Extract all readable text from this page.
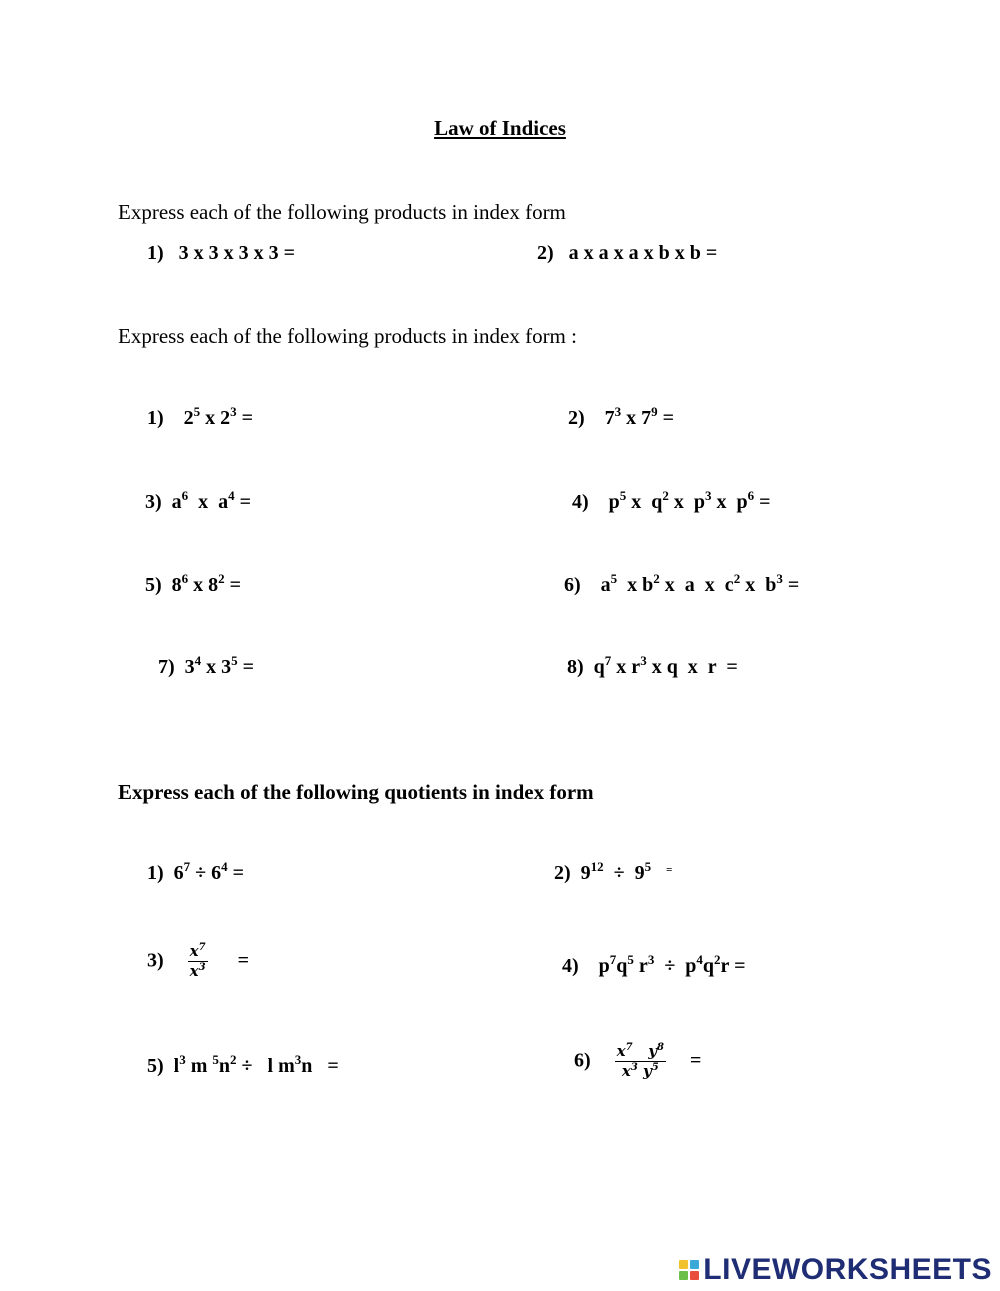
Law of Indices
Express each of the following products in index form
1) 3 x 3 x 3 x 3 =	2) a x a x a x b x b =
Express each of the following products in index form :
1) $2^5$ x $2^3$ =	2) $7^3$ x $7^9$ =
3) $a^6$  x  $a^4$ =	4) $p^5$ x  $q^2$ x  $p^3$ x  $p^6$ =
5) $8^6$ x $8^2$ =	6) $a^5$  x $b^2$ x  a  x  $c^2$ x  $b^3$ =
7) $3^4$ x $3^5$ =	8) $q^7$ x $r^3$ x q  x  r  =
Express each of the following quotients in index form
1) $6^7 \div 6^4$ =	2) $9^{12} \div 9^5$ =
$3) \frac{x^7}{x^3}$ =	4) $p^7q^5$ $r^3 \div p^4q^2r$ =
5) $l^3$ m $^5n^2 \div l$ $m^3n$   =	$6) \frac{x^7 y^8}{x^3 y^5}$ =
LIVEWORKSHEETS
